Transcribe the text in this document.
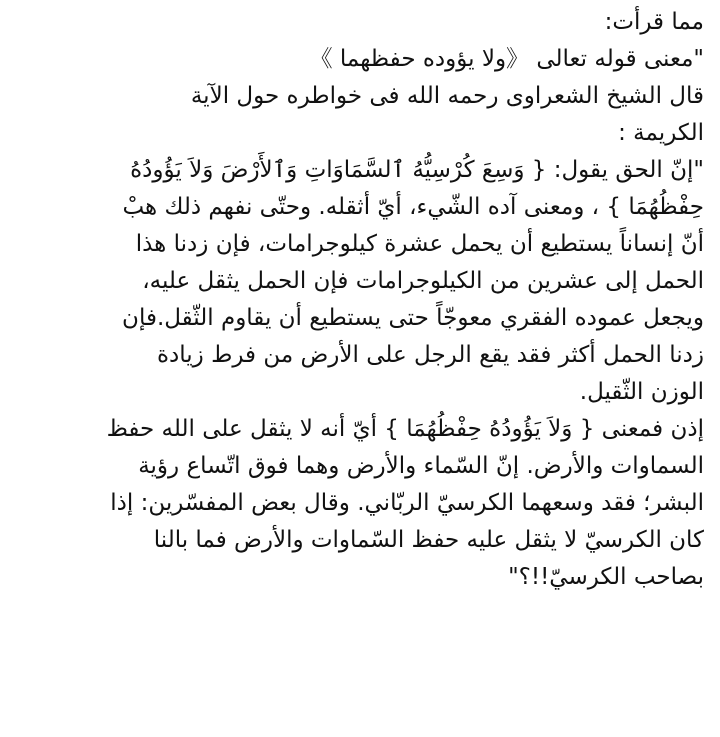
مما قرأت:

"معنى قوله تعالى 《ولا يؤوده حفظهما 》

قال الشيخ الشعراوى رحمه الله فى خواطره حول الآية

الكريمة :

"إنّ الحق يقول: { وَسِعَ كُرْسِيُّهُ ٱلسَّمَاوَاتِ وَٱلأَرْضَ وَلاَ يَؤُودُهُ

حِفْظُهُمَا } ، ومعنى آده الشّيء، أيّ أثقله. وحتّى نفهم ذلك هبْ

أنّ إنساناً يستطيع أن يحمل عشرة كيلوجرامات، فإن زدنا هذا

الحمل إلى عشرين من الكيلوجرامات فإن الحمل يثقل عليه،

ويجعل عموده الفقري معوجّاً حتى يستطيع أن يقاوم الثّقل.فإن

زدنا الحمل أكثر فقد يقع الرجل على الأرض من فرط زيادة

الوزن الثّقيل.

إذن فمعنى { وَلاَ يَؤُودُهُ حِفْظُهُمَا } أيّ أنه لا يثقل على الله حفظ

السماوات والأرض. إنّ السّماء والأرض وهما فوق اتّساع رؤية

البشر؛ فقد وسعهما الكرسيّ الربّاني. وقال بعض المفسّرين: إذا

كان الكرسيّ لا يثقل عليه حفظ السّماوات والأرض فما بالنا

بصاحب الكرسيّ!!؟"
